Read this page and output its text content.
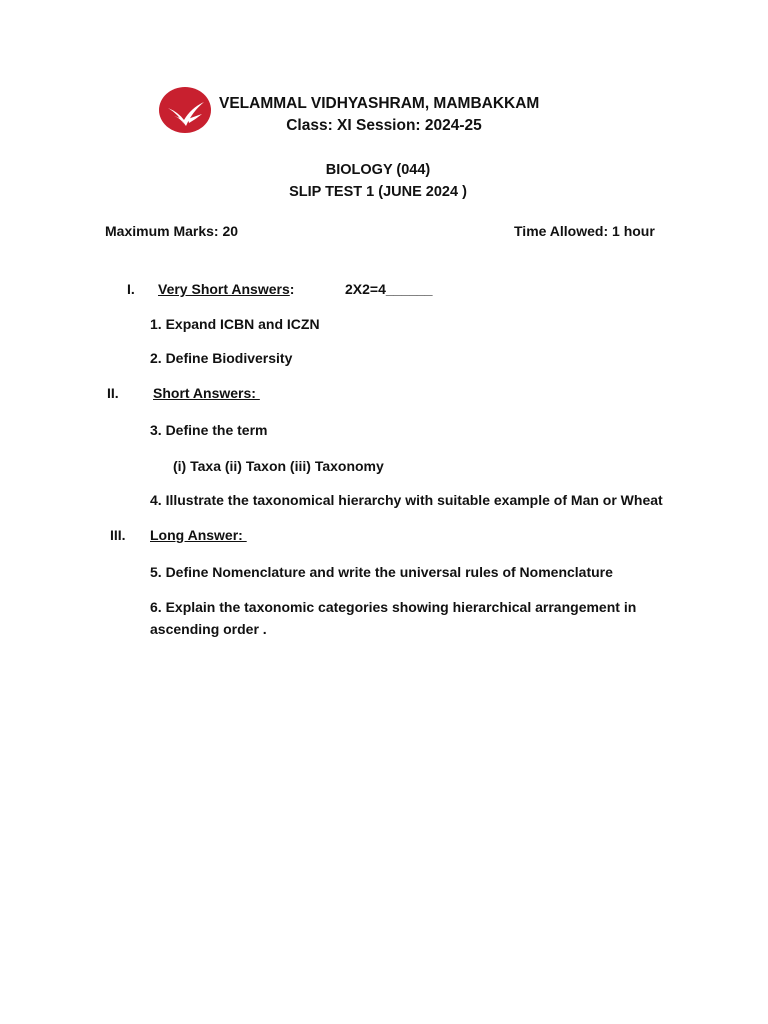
VELAMMAL VIDHYASHRAM, MAMBAKKAM
Class: XI Session: 2024-25
BIOLOGY (044)
SLIP TEST 1 (JUNE 2024 )
Maximum Marks: 20	Time Allowed: 1 hour
I. Very Short Answers:	2X2=4______
1. Expand ICBN and ICZN
2. Define Biodiversity
II. Short Answers:
3. Define the term
(i) Taxa (ii) Taxon (iii) Taxonomy
4. Illustrate the taxonomical hierarchy with suitable example of Man or Wheat
III. Long Answer:
5. Define Nomenclature and write the universal rules of Nomenclature
6. Explain the taxonomic categories showing hierarchical arrangement in ascending order .
